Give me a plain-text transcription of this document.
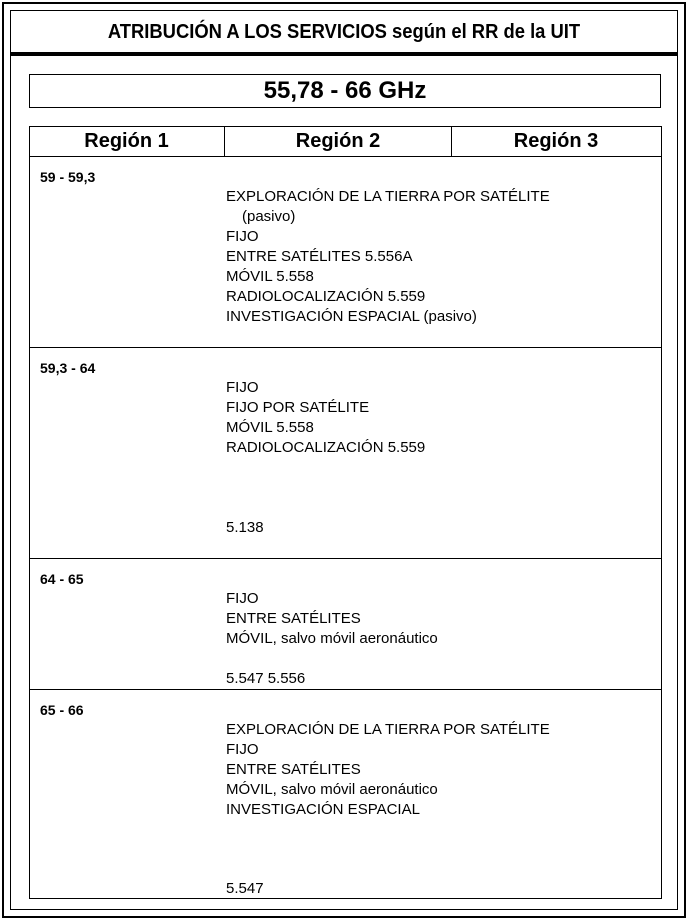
ATRIBUCIÓN A LOS SERVICIOS según el RR de la UIT
55,78 - 66 GHz
Región 1	Región 2	Región 3
59 - 59,3
EXPLORACIÓN DE LA TIERRA POR SATÉLITE
(pasivo)
FIJO
ENTRE SATÉLITES 5.556A
MÓVIL 5.558
RADIOLOCALIZACIÓN 5.559
INVESTIGACIÓN ESPACIAL (pasivo)
59,3 - 64
FIJO
FIJO POR SATÉLITE
MÓVIL 5.558
RADIOLOCALIZACIÓN 5.559
5.138
64 - 65
FIJO
ENTRE SATÉLITES
MÓVIL, salvo móvil aeronáutico
5.547 5.556
65 - 66
EXPLORACIÓN DE LA TIERRA POR SATÉLITE
FIJO
ENTRE SATÉLITES
MÓVIL, salvo móvil aeronáutico
INVESTIGACIÓN ESPACIAL
5.547
